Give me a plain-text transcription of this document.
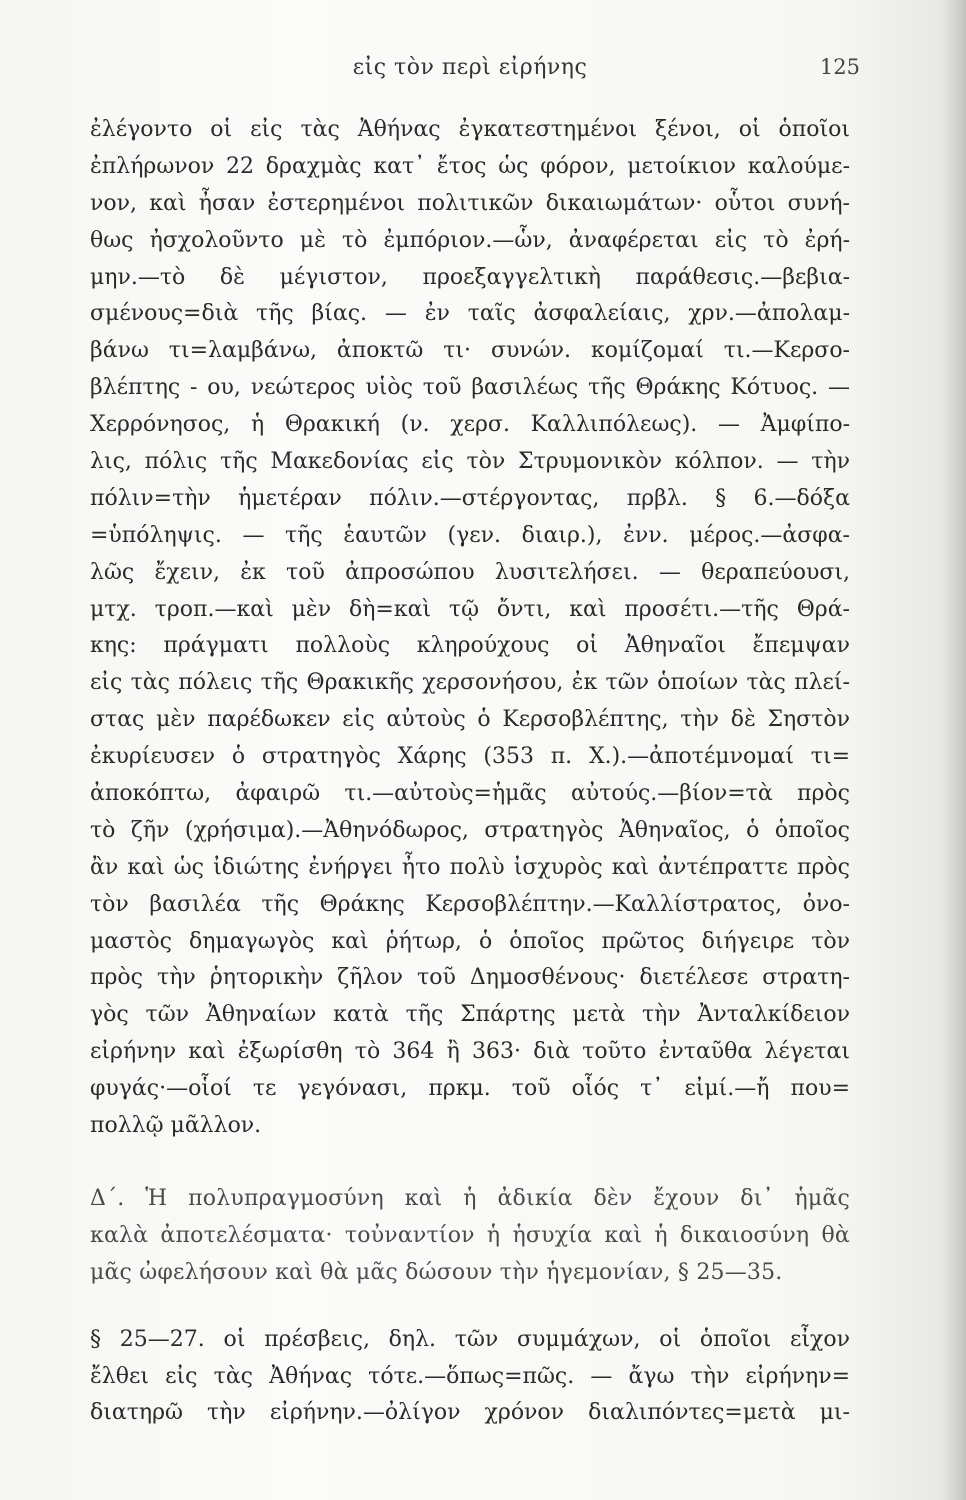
εἰς τὸν περὶ εἰρήνης	125
ἐλέγοντο οἱ εἰς τὰς Ἀθήνας ἐγκατεστημένοι ξένοι, οἱ ὁποῖοι
ἐπλήρωνον 22 δραχμὰς κατ᾿ ἔτος ὡς φόρον, μετοίκιον καλούμε-
νον, καὶ ἦσαν ἐστερημένοι πολιτικῶν δικαιωμάτων· οὗτοι συνή-
θως ἠσχολοῦντο μὲ τὸ ἐμπόριον.—ὧν, ἀναφέρεται εἰς τὸ ἐρή-
μην.—τὸ δὲ μέγιστον, προεξαγγελτικὴ παράθεσις.—βεβια-
σμένους=διὰ τῆς βίας. — ἐν ταῖς ἀσφαλείαις, χρν.—ἀπολαμ-
βάνω τι=λαμβάνω, ἀποκτῶ τι· συνών. κομίζομαί τι.—Κερσο-
βλέπτης - ου, νεώτερος υἱὸς τοῦ βασιλέως τῆς Θράκης Κότυος. —
Χερρόνησος, ἡ Θρακική (ν. χερσ. Καλλιπόλεως). — Ἀμφίπο-
λις, πόλις τῆς Μακεδονίας εἰς τὸν Στρυμονικὸν κόλπον. — τὴν
πόλιν=τὴν ἡμετέραν πόλιν.—στέργοντας, πρβλ. § 6.—δόξα
=ὑπόληψις. — τῆς ἑαυτῶν (γεν. διαιρ.), ἐνν. μέρος.—ἀσφα-
λῶς ἔχειν, ἐκ τοῦ ἀπροσώπου λυσιτελήσει. — θεραπεύουσι,
μτχ. τροπ.—καὶ μὲν δὴ=καὶ τῷ ὄντι, καὶ προσέτι.—τῆς Θρά-
κης: πράγματι πολλοὺς κληρούχους οἱ Ἀθηναῖοι ἔπεμψαν
εἰς τὰς πόλεις τῆς Θρακικῆς χερσονήσου, ἐκ τῶν ὁποίων τὰς πλεί-
στας μὲν παρέδωκεν εἰς αὐτοὺς ὁ Κερσοβλέπτης, τὴν δὲ Σηστὸν
ἐκυρίευσεν ὁ στρατηγὸς Χάρης (353 π. Χ.).—ἀποτέμνομαί τι=
ἀποκόπτω, ἀφαιρῶ τι.—αὐτοὺς=ἡμᾶς αὐτούς.—βίον=τὰ πρὸς
τὸ ζῆν (χρήσιμα).—Ἀθηνόδωρος, στρατηγὸς Ἀθηναῖος, ὁ ὁποῖος
ἂν καὶ ὡς ἰδιώτης ἐνήργει ἦτο πολὺ ἰσχυρὸς καὶ ἀντέπραττε πρὸς
τὸν βασιλέα τῆς Θράκης Κερσοβλέπτην.—Καλλίστρατος, ὀνο-
μαστὸς δημαγωγὸς καὶ ῥήτωρ, ὁ ὁποῖος πρῶτος διήγειρε τὸν
πρὸς τὴν ῥητορικὴν ζῆλον τοῦ Δημοσθένους· διετέλεσε στρατη-
γὸς τῶν Ἀθηναίων κατὰ τῆς Σπάρτης μετὰ τὴν Ἀνταλκίδειον
εἰρήνην καὶ ἐξωρίσθη τὸ 364 ἢ 363· διὰ τοῦτο ἐνταῦθα λέγεται
φυγάς·—οἷοί τε γεγόνασι, πρκμ. τοῦ οἷός τ᾿ εἰμί.—ἤ που=
πολλῷ μᾶλλον.
Δ΄. Ἡ πολυπραγμοσύνη καὶ ἡ ἀδικία δὲν ἔχουν δι᾿ ἡμᾶς
καλὰ ἀποτελέσματα· τοὐναντίον ἡ ἡσυχία καὶ ἡ δικαιοσύνη θὰ
μᾶς ὠφελήσουν καὶ θὰ μᾶς δώσουν τὴν ἡγεμονίαν, § 25—35.
§ 25—27. οἱ πρέσβεις, δηλ. τῶν συμμάχων, οἱ ὁποῖοι εἶχον
ἔλθει εἰς τὰς Ἀθήνας τότε.—ὅπως=πῶς. — ἄγω τὴν εἰρήνην=
διατηρῶ τὴν εἰρήνην.—ὀλίγον χρόνον διαλιπόντες=μετὰ μι-
